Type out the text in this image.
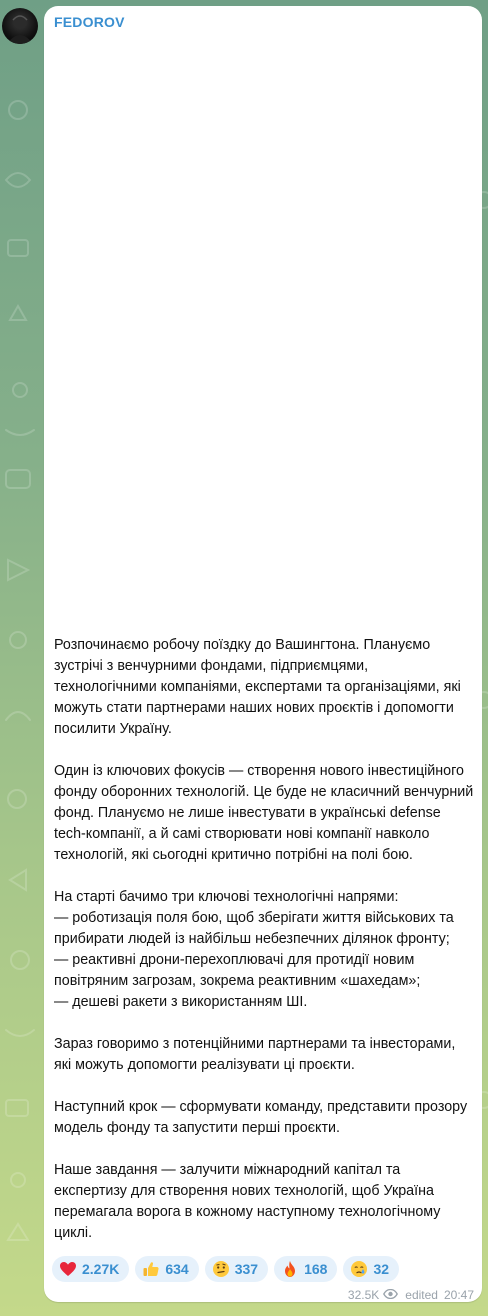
FEDOROV

Розпочинаємо робочу поїздку до Вашингтона. Плануємо зустрічі з венчурними фондами, підприємцями, технологічними компаніями, експертами та організаціями, які можуть стати партнерами наших нових проєктів і допомогти посилити Україну.

Один із ключових фокусів — створення нового інвестиційного фонду оборонних технологій. Це буде не класичний венчурний фонд. Плануємо не лише інвестувати в українські defense tech-компанії, а й самі створювати нові компанії навколо технологій, які сьогодні критично потрібні на полі бою.

На старті бачимо три ключові технологічні напрями:
— роботизація поля бою, щоб зберігати життя військових та прибирати людей із найбільш небезпечних ділянок фронту;
— реактивні дрони-перехоплювачі для протидії новим повітряним загрозам, зокрема реактивним «шахедам»;
— дешеві ракети з використанням ШІ.

Зараз говоримо з потенційними партнерами та інвесторами, які можуть допомогти реалізувати ці проєкти.

Наступний крок — сформувати команду, представити прозору модель фонду та запустити перші проєкти.

Наше завдання — залучити міжнародний капітал та експертизу для створення нових технологій, щоб Україна перемагала ворога в кожному наступному технологічному циклі.

2.27K	634	337	168	32
32.5K edited 20:47
